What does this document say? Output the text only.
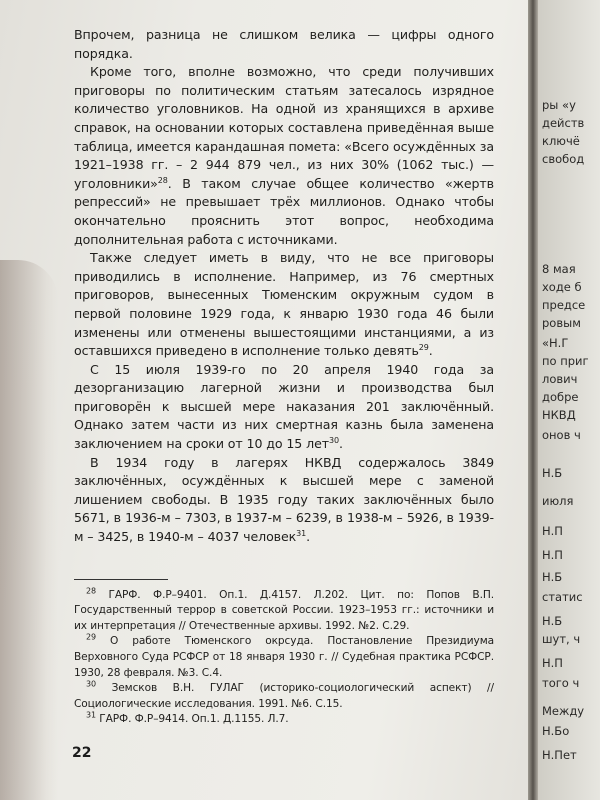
Впрочем, разница не слишком велика — цифры одного порядка.

Кроме того, вполне возможно, что среди получивших приговоры по политическим статьям затесалось изрядное количество уголовников. На одной из хранящихся в архиве справок, на основании которых составлена приведённая выше таблица, имеется карандашная помета: «Всего осуждённых за 1921–1938 гг. – 2 944 879 чел., из них 30% (1062 тыс.) — уголовники»$^{28}$. В таком случае общее количество «жертв репрессий» не превышает трёх миллионов. Однако чтобы окончательно прояснить этот вопрос, необходима дополнительная работа с источниками.

Также следует иметь в виду, что не все приговоры приводились в исполнение. Например, из 76 смертных приговоров, вынесенных Тюменским окружным судом в первой половине 1929 года, к январю 1930 года 46 были изменены или отменены вышестоящими инстанциями, а из оставшихся приведено в исполнение только девять$^{29}$.

С 15 июля 1939-го по 20 апреля 1940 года за дезорганизацию лагерной жизни и производства был приговорён к высшей мере наказания 201 заключённый. Однако затем части из них смертная казнь была заменена заключением на сроки от 10 до 15 лет$^{30}$.

В 1934 году в лагерях НКВД содержалось 3849 заключённых, осуждённых к высшей мере с заменой лишением свободы. В 1935 году таких заключённых было 5671, в 1936-м – 7303, в 1937-м – 6239, в 1938-м – 5926, в 1939-м – 3425, в 1940-м – 4037 человек$^{31}$.

$^{28}$ ГАРФ. Ф.Р–9401. Оп.1. Д.4157. Л.202. Цит. по: Попов В.П. Государственный террор в советской России. 1923–1953 гг.: источники и их интерпретация // Отечественные архивы. 1992. №2. С.29.

$^{29}$ О работе Тюменского окрсуда. Постановление Президиума Верховного Суда РСФСР от 18 января 1930 г. // Судебная практика РСФСР. 1930, 28 февраля. №3. С.4.

$^{30}$ Земсков В.Н. ГУЛАГ (историко-социологический аспект) // Социологические исследования. 1991. №6. С.15.

$^{31}$ ГАРФ. Ф.Р–9414. Оп.1. Д.1155. Л.7.

22
ры «у
действ
ключё
свобод
8 мая
ходе б
предсе
ровым
«Н.Г
по приг
лович
добре
НКВД
онов ч
Н.Б
июля
Н.П
Н.П
Н.Б
статис
Н.Б
шут, ч
Н.П
того ч
Между
Н.Бо
Н.Пет
